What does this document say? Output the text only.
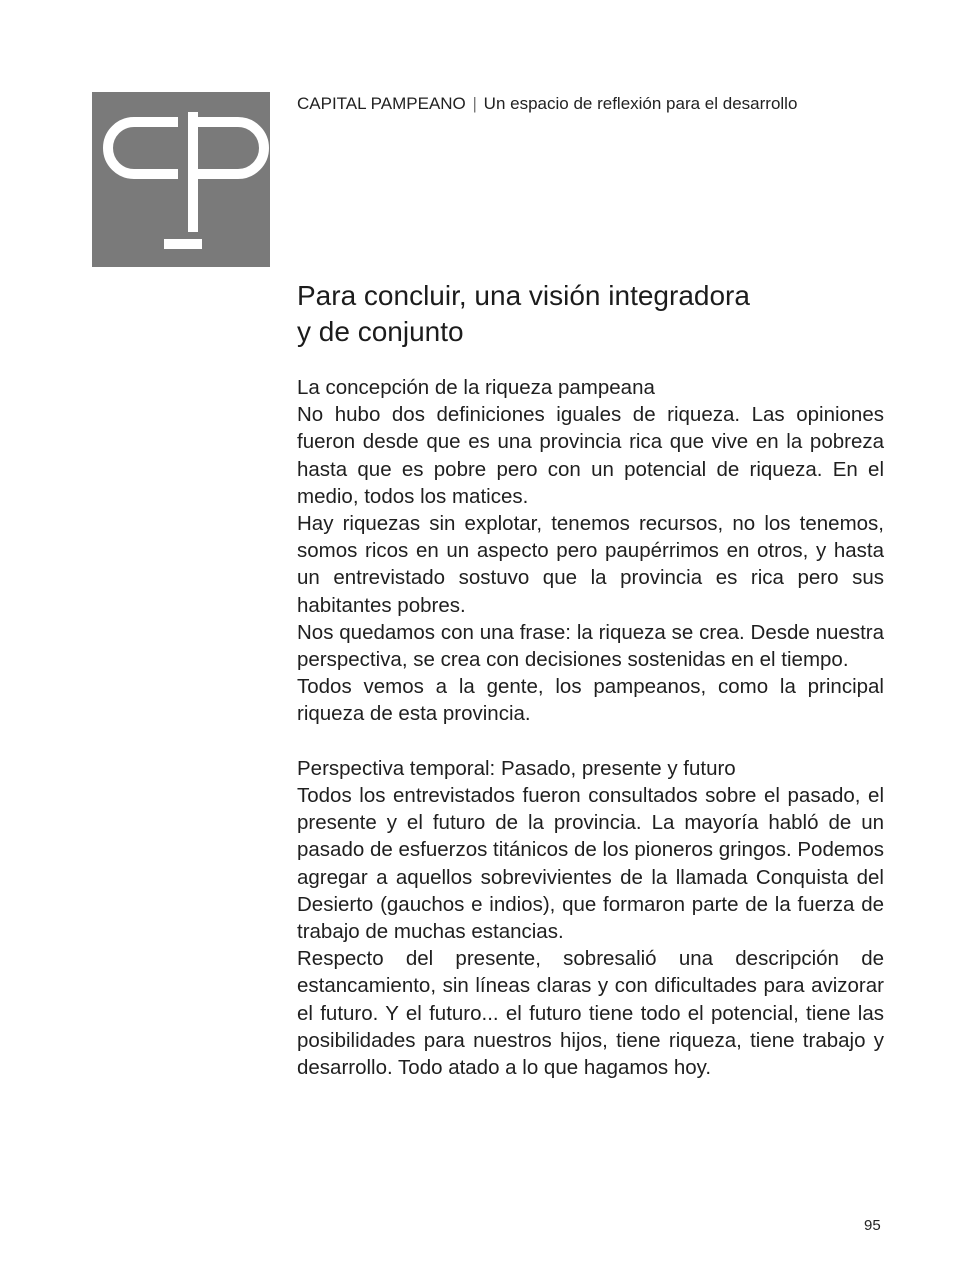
CAPITAL PAMPEANO | Un espacio de reflexión para el desarrollo
Para concluir, una visión integradora
y de conjunto

La concepción de la riqueza pampeana

No hubo dos definiciones iguales de riqueza. Las opiniones fueron desde que es una provincia rica que vive en la pobreza hasta que es pobre pero con un potencial de riqueza. En el medio, todos los matices.

Hay riquezas sin explotar, tenemos recursos, no los tenemos, somos ricos en un aspecto pero paupérrimos en otros, y hasta un entrevistado sostuvo que la provincia es rica pero sus habitantes pobres.

Nos quedamos con una frase: la riqueza se crea. Desde nuestra perspectiva, se crea con decisiones sostenidas en el tiempo.

Todos vemos a la gente, los pampeanos, como la principal riqueza de esta provincia.

Perspectiva temporal: Pasado, presente y futuro

Todos los entrevistados fueron consultados sobre el pasado, el presente y el futuro de la provincia. La mayoría habló de un pasado de esfuerzos titánicos de los pioneros gringos. Podemos agregar a aquellos sobrevivientes de la llamada Conquista del Desierto (gauchos e indios), que formaron parte de la fuerza de trabajo de muchas estancias.

Respecto del presente, sobresalió una descripción de estancamiento, sin líneas claras y con dificultades para avizorar el futuro. Y el futuro... el futuro tiene todo el potencial, tiene las posibilidades para nuestros hijos, tiene riqueza, tiene trabajo y desarrollo. Todo atado a lo que hagamos hoy.

95
